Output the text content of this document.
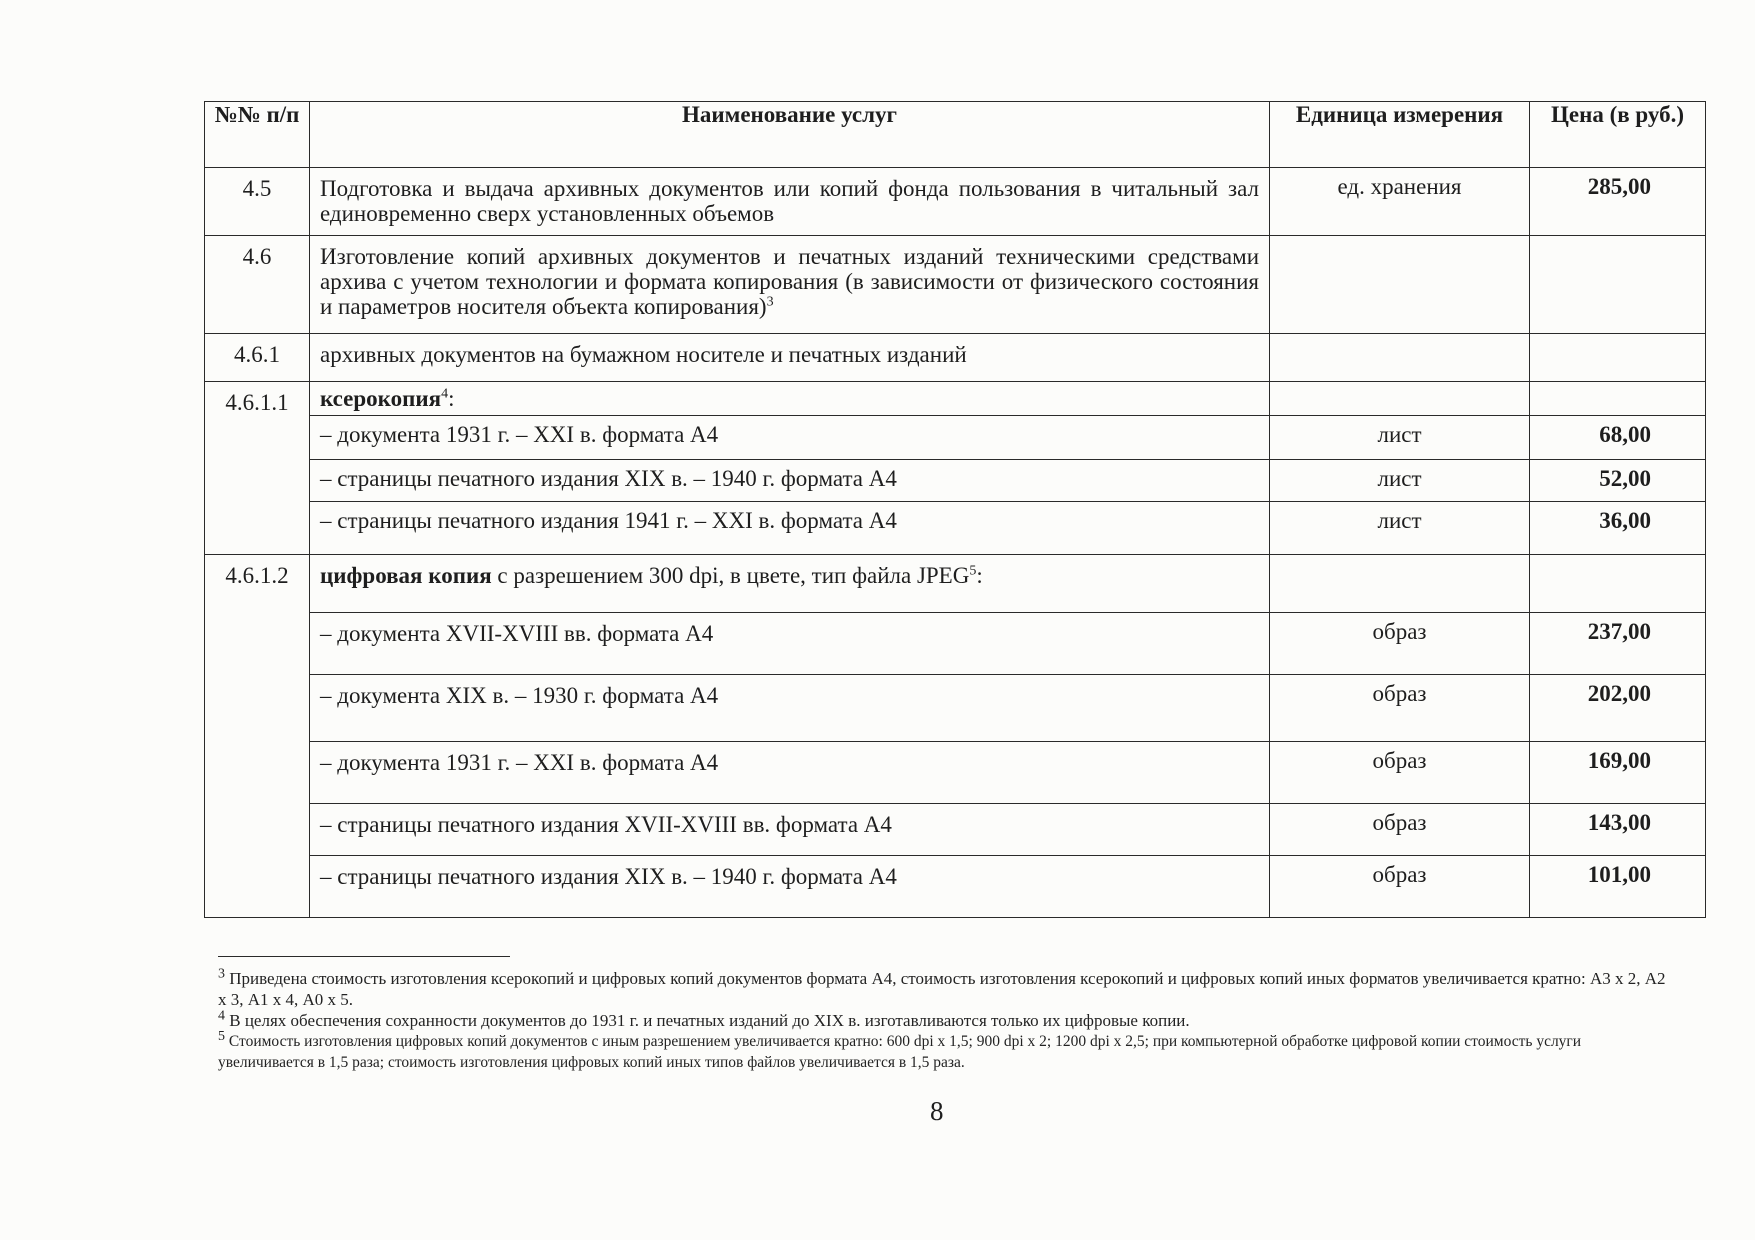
№№ п/п	Наименование услуг	Единица измерения	Цена (в руб.)
4.5	Подготовка и выдача архивных документов или копий фонда пользования в читальный зал единовременно сверх установленных объемов	ед. хранения	285,00
4.6	Изготовление копий архивных документов и печатных изданий техническими средствами архива с учетом технологии и формата копирования (в зависимости от физического состояния и параметров носителя объекта копирования)$^3$		
4.6.1	архивных документов на бумажном носителе и печатных изданий		
4.6.1.1	ксерокопия$^4$:		
	– документа 1931 г. – XXI в. формата А4	лист	68,00
	– страницы печатного издания XIX в. – 1940 г. формата А4	лист	52,00
	– страницы печатного издания 1941 г. – XXI в. формата А4	лист	36,00
4.6.1.2	цифровая копия с разрешением 300 dpi, в цвете, тип файла JPEG$^5$:		
	– документа XVII-XVIII вв. формата А4	образ	237,00
	– документа XIX в. – 1930 г. формата А4	образ	202,00
	– документа 1931 г. – XXI в. формата А4	образ	169,00
	– страницы печатного издания XVII-XVIII вв. формата А4	образ	143,00
	– страницы печатного издания XIX в. – 1940 г. формата А4	образ	101,00

$^3$ Приведена стоимость изготовления ксерокопий и цифровых копий документов формата А4, стоимость изготовления ксерокопий и цифровых копий иных форматов увеличивается кратно: А3 х 2, А2 х 3, А1 х 4, А0 х 5.

$^4$ В целях обеспечения сохранности документов до 1931 г. и печатных изданий до XIX в. изготавливаются только их цифровые копии.

$^5$ Стоимость изготовления цифровых копий документов с иным разрешением увеличивается кратно: 600 dpi х 1,5; 900 dpi х 2; 1200 dpi х 2,5; при компьютерной обработке цифровой копии стоимость услуги увеличивается в 1,5 раза; стоимость изготовления цифровых копий иных типов файлов увеличивается в 1,5 раза.

8
